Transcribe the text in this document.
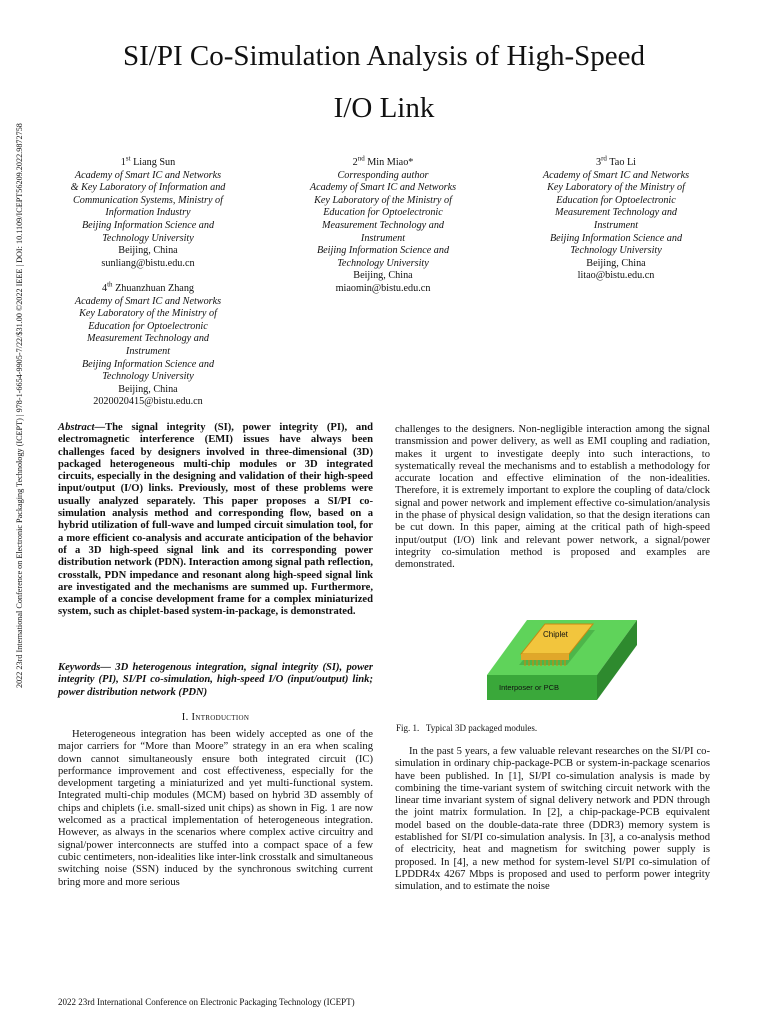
SI/PI Co-Simulation Analysis of High-Speed
I/O Link
2022 23rd International Conference on Electronic Packaging Technology (ICEPT) | 978-1-6654-9905-7/22/$31.00 ©2022 IEEE | DOI: 10.1109/ICEPT56209.2022.9872758	1st Liang Sun
Academy of Smart IC and Networks
& Key Laboratory of Information and
Communication Systems, Ministry of
Information Industry
Beijing Information Science and
Technology University
Beijing, China
sunliang@bistu.edu.cn
2nd Min Miao*
Corresponding author
Academy of Smart IC and Networks
Key Laboratory of the Ministry of
Education for Optoelectronic
Measurement Technology and
Instrument
Beijing Information Science and
Technology University
Beijing, China
miaomin@bistu.edu.cn
3rd Tao Li
Academy of Smart IC and Networks
Key Laboratory of the Ministry of
Education for Optoelectronic
Measurement Technology and
Instrument
Beijing Information Science and
Technology University
Beijing, China
litao@bistu.edu.cn
4th Zhuanzhuan Zhang
Academy of Smart IC and Networks
Key Laboratory of the Ministry of
Education for Optoelectronic
Measurement Technology and
Instrument
Beijing Information Science and
Technology University
Beijing, China
2020020415@bistu.edu.cn

Abstract—The signal integrity (SI), power integrity (PI), and electromagnetic interference (EMI) issues have always been challenges faced by designers involved in three-dimensional (3D) packaged heterogeneous multi-chip modules or 3D integrated circuits, especially in the designing and validation of their high-speed input/output (I/O) links. Previously, most of these problems were usually analyzed separately. This paper proposes a SI/PI co-simulation analysis method and corresponding flow, based on a hybrid utilization of full-wave and lumped circuit simulation tool, for a more efficient co-analysis and accurate anticipation of the behavior of a 3D high-speed signal link and its corresponding power distribution network (PDN). Interaction among signal path reflection, crosstalk, PDN impedance and resonant along high-speed signal link are investigated and the mechanisms are summed up. Furthermore, example of a concise development frame for a complex miniaturized system, such as chiplet-based system-in-package, is demonstrated.

Keywords— 3D heterogenous integration, signal integrity (SI), power integrity (PI), SI/PI co-simulation, high-speed I/O (input/output) link; power distribution network (PDN)

I. Introduction

Heterogeneous integration has been widely accepted as one of the major carriers for “More than Moore” strategy in an era when scaling down cannot simultaneously ensure both integrated circuit (IC) performance improvement and cost effectiveness, especially for the development targeting a miniaturized and yet multi-functional system. Integrated multi-chip modules (MCM) based on hybrid 3D assembly of chips and chiplets (i.e. small-sized unit chips) as shown in Fig. 1 are now welcomed as a practical implementation of heterogeneous integration. However, as always in the scenarios where complex active circuitry and signal/power interconnects are stuffed into a compact space of a few cubic centimeters, non-idealities like inter-link crosstalk and simultaneous switching noise (SSN) induced by the synchronous switching current bring more and more serious

challenges to the designers. Non-negligible interaction among the signal transmission and power delivery, as well as EMI coupling and radiation, makes it urgent to investigate deeply into such interactions, to systematically reveal the mechanisms and to establish a methodology for accurate location and effective elimination of the non-idealities. Therefore, it is extremely important to explore the coupling of data/clock signal and power network and implement effective co-simulation/analysis in the phase of physical design validation, so that the design iterations can be cut down. In this paper, aiming at the critical path of high-speed input/output (I/O) link and relevant power network, a signal/power integrity co-simulation method is proposed and examples are demonstrated.

Chiplet
Interposer or PCB
Fig. 1.   Typical 3D packaged modules.

In the past 5 years, a few valuable relevant researches on the SI/PI co-simulation in ordinary chip-package-PCB or system-in-package scenarios have been published. In [1], SI/PI co-simulation analysis is made by combining the time-variant system of switching circuit network with the linear time invariant system of signal delivery network and PDN through the joint matrix formulation. In [2], a chip-package-PCB equivalent model based on the double-data-rate three (DDR3) memory system is established for SI/PI co-simulation analysis. In [3], a co-analysis method of electricity, heat and magnetism for switching power supply is proposed. In [4], a new method for system-level SI/PI co-simulation of LPDDR4x 4267 Mbps is proposed and used to perform power integrity simulation, and to estimate the noise

2022 23rd International Conference on Electronic Packaging Technology (ICEPT)
